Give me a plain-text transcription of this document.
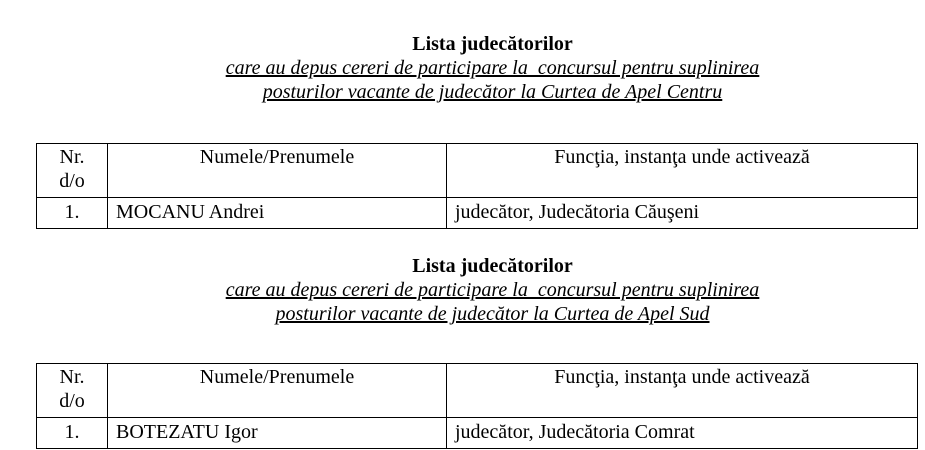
Lista judecătorilor
care au depus cereri de participare la  concursul pentru suplinirea
posturilor vacante de judecător la Curtea de Apel Centru
Nr.
d/o	Numele/Prenumele	Funcţia, instanţa unde activează
1.	MOCANU Andrei	judecător, Judecătoria Căuşeni
Lista judecătorilor
care au depus cereri de participare la  concursul pentru suplinirea
posturilor vacante de judecător la Curtea de Apel Sud
Nr.
d/o	Numele/Prenumele	Funcţia, instanţa unde activează
1.	BOTEZATU Igor	judecător, Judecătoria Comrat
